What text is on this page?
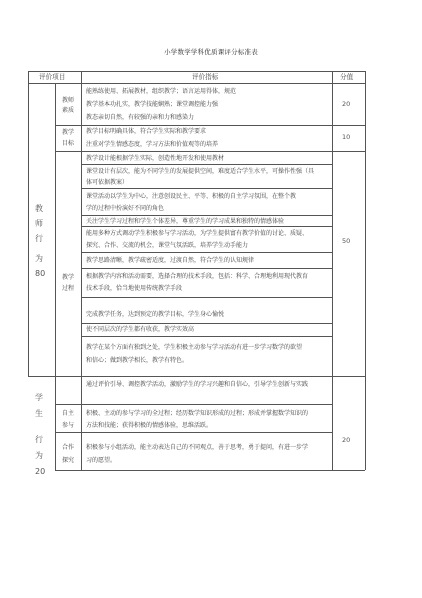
小学数学学科优质课评分标准表
评价项目	评价指标	分值
教
师
行
为
80
教师
素质
能熟练使用、拓展教材，组织教学；语言运用得体，规范
教学基本功扎实，教学技能娴熟；课堂调控能力强
教态亲切自然，有较强的亲和力和感染力
20
教学
目标
教学目标明确具体，符合学生实际和教学要求
注重对学生情感态度，学习方法和价值观等的培养
10
教学
过程
教学设计能根据学生实际，创造性地开发和使用教材
课堂设计有层次，能为不同学生的发展提供空间，难度适合学生水平，可操作性强（具
体可依据教案）
课堂活动以学生为中心，注意创设民主、平等、积极的自主学习氛围，在整个教
学的过程中扮演好不同的角色
关注学生学习过程和学生个体差异，尊重学生的学习成果和独特的情感体验
能用多种方式调动学生积极参与学习活动，为学生提供富有教学价值的讨论、质疑、
探究、合作、交流的机会，课堂气氛活跃，培养学生动手能力
教学思路清晰，教学疏密适度，过渡自然，符合学生的认知规律
根据教学内容和活动需要，选择合理的技术手段，包括：科学、合理地利用现代教育
技术手段，恰当地使用传统教学手段
完成教学任务，达到预定的教学目标，学生身心愉悦
使不同层次的学生都有收获，教学实效高
教学在某个方面有独到之处，学生积极主动参与学习活动有进一步学习数学的欲望
和信心；做到教学相长，教学有特色。
50
学
生
行
为
20
通过评价引导、调控教学活动，激励学生的学习兴趣和自信心，引导学生创新与实践
自主
参与
积极、主动的参与学习的全过程；经历数学知识形成的过程；形成并掌握数学知识的
方法和技能；获得积极的情感体验，思维活跃。
合作
探究
积极参与小组活动，能主动表达自己的不同观点，善于思考，勇于提问，有进一步学
习的愿望。
20
